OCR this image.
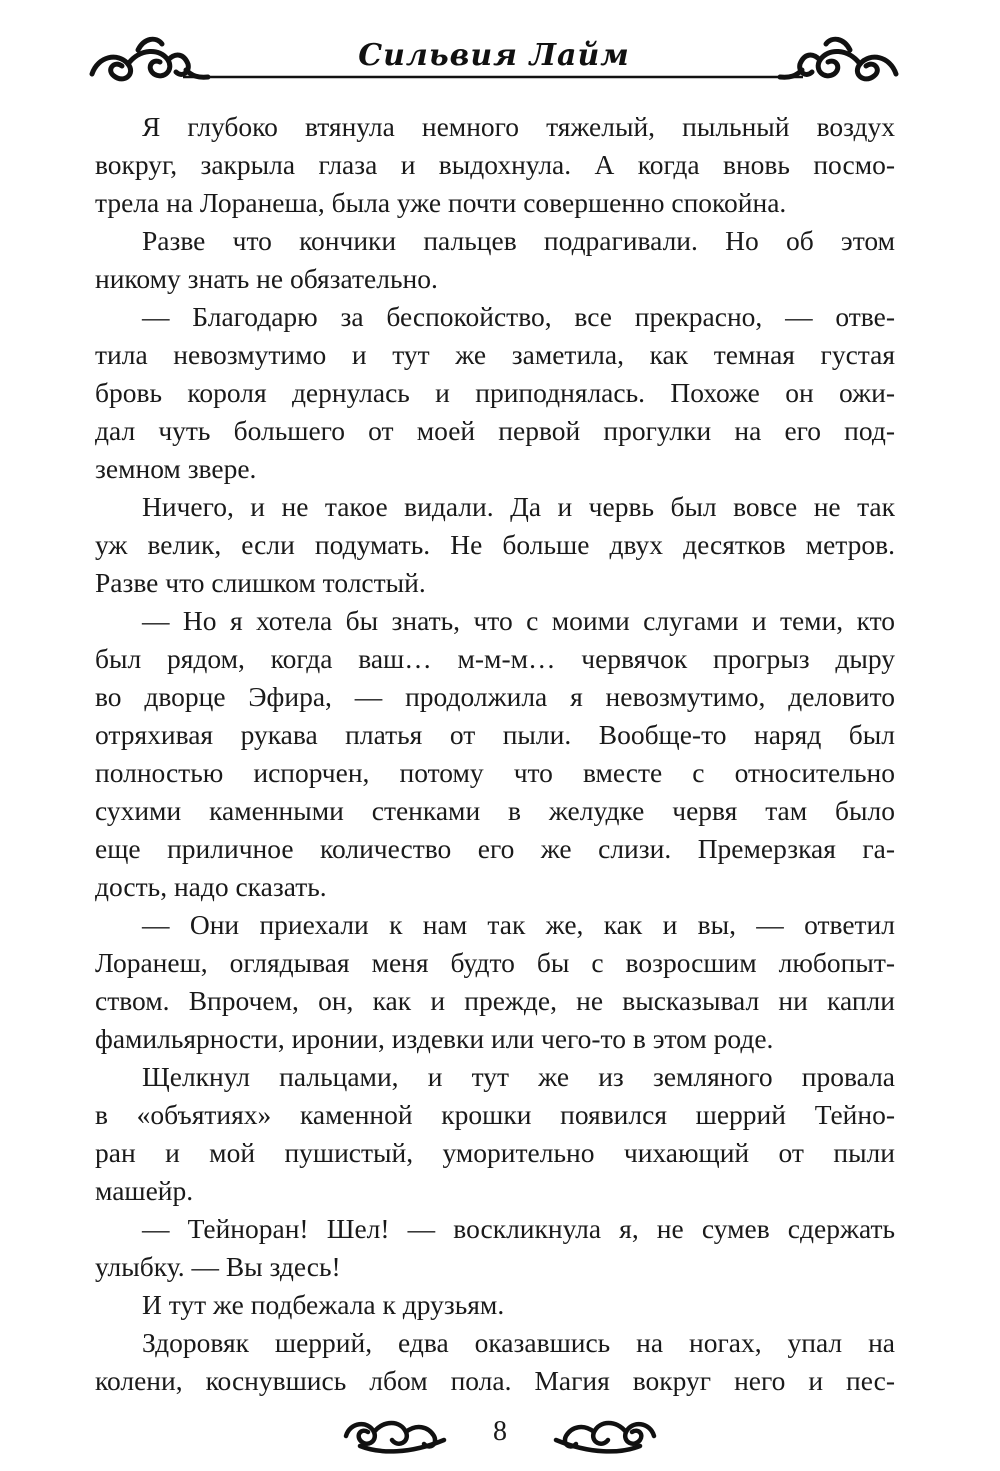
Сильвия Лайм
Я глубоко втянула немного тяжелый, пыльный воздух
вокруг, закрыла глаза и выдохнула. А когда вновь посмо-
трела на Лоранеша, была уже почти совершенно спокойна.
Разве что кончики пальцев подрагивали. Но об этом
никому знать не обязательно.
— Благодарю за беспокойство, все прекрасно, — отве-
тила невозмутимо и тут же заметила, как темная густая
бровь короля дернулась и приподнялась. Похоже он ожи-
дал чуть большего от моей первой прогулки на его под-
земном звере.
Ничего, и не такое видали. Да и червь был вовсе не так
уж велик, если подумать. Не больше двух десятков метров.
Разве что слишком толстый.
— Но я хотела бы знать, что с моими слугами и теми, кто
был рядом, когда ваш… м-м-м… червячок прогрыз дыру
во дворце Эфира, — продолжила я невозмутимо, деловито
отряхивая рукава платья от пыли. Вообще-то наряд был
полностью испорчен, потому что вместе с относительно
сухими каменными стенками в желудке червя там было
еще приличное количество его же слизи. Премерзкая га-
дость, надо сказать.
— Они приехали к нам так же, как и вы, — ответил
Лоранеш, оглядывая меня будто бы с возросшим любопыт-
ством. Впрочем, он, как и прежде, не высказывал ни капли
фамильярности, иронии, издевки или чего-то в этом роде.
Щелкнул пальцами, и тут же из земляного провала
в «объятиях» каменной крошки появился шеррий Тейно-
ран и мой пушистый, уморительно чихающий от пыли
машейр.
— Тейноран! Шел! — воскликнула я, не сумев сдержать
улыбку. — Вы здесь!
И тут же подбежала к друзьям.
Здоровяк шеррий, едва оказавшись на ногах, упал на
колени, коснувшись лбом пола. Магия вокруг него и пес-
8
